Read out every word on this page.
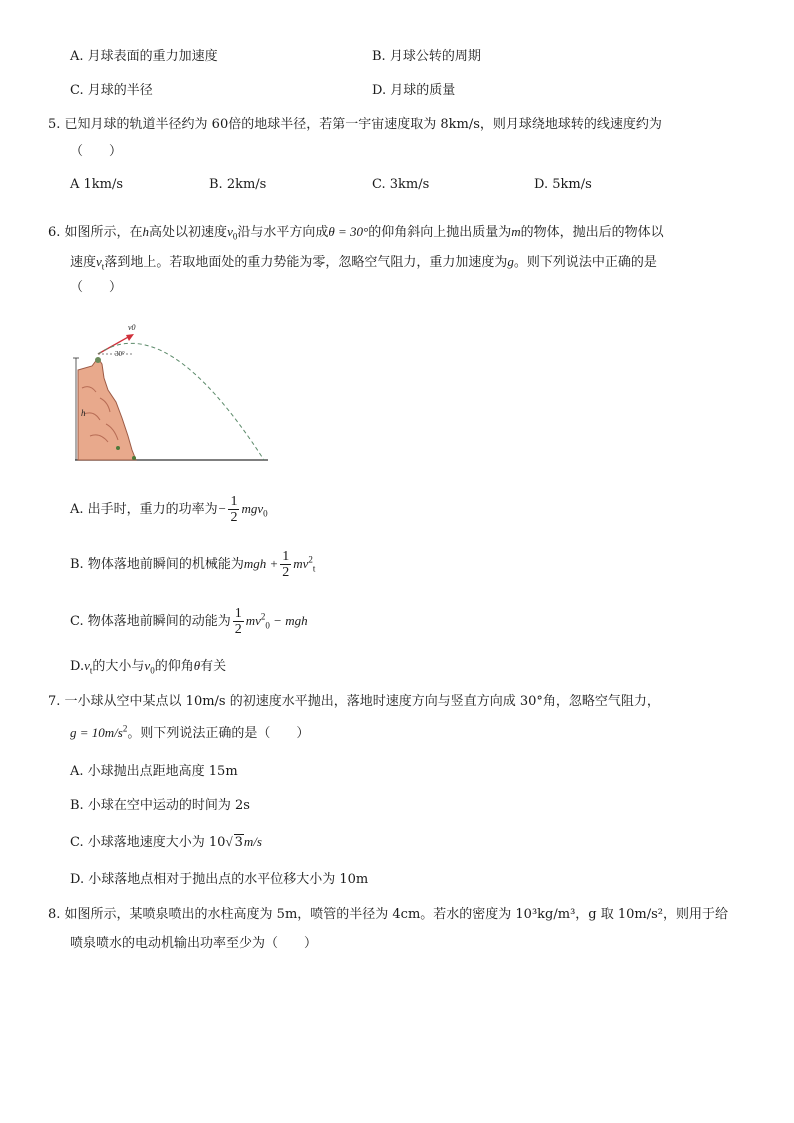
A. 月球表面的重力加速度	B. 月球公转的周期
C. 月球的半径	D. 月球的质量
5. 已知月球的轨道半径约为 60倍的地球半径，若第一宇宙速度取为 8km/s，则月球绕地球转的线速度约为
（　　）
A 1km/s	B. 2km/s	C. 3km/s	D. 5km/s
6. 如图所示，在h高处以初速度$v_0$沿与水平方向成θ = 30°的仰角斜向上抛出质量为m的物体，抛出后的物体以
速度$v_t$落到地上。若取地面处的重力势能为零，忽略空气阻力，重力加速度为g。则下列说法中正确的是
（　　）
h
30°
v0
A. 出手时，重力的功率为− $\frac{1}{2} mgv_0$
B. 物体落地前瞬间的机械能为mgh + $\frac{1}{2} mv^2_t$
C. 物体落地前瞬间的动能为 $\frac{1}{2} mv^2_0$ − mgh
$D.v_t$的大小与$v_0$的仰角θ有关
7. 一小球从空中某点以 10m/s 的初速度水平抛出，落地时速度方向与竖直方向成 30°角，忽略空气阻力，
$g = 10m/s^2$。则下列说法正确的是（　　）
A. 小球抛出点距地高度 15m
B. 小球在空中运动的时间为 2s
C. 小球落地速度大小为 10√ 3m/s
D. 小球落地点相对于抛出点的水平位移大小为 10m
8. 如图所示，某喷泉喷出的水柱高度为 5m，喷管的半径为 4cm。若水的密度为 10³kg/m³，g 取 10m/s²，则用于给
喷泉喷水的电动机输出功率至少为（　　）
